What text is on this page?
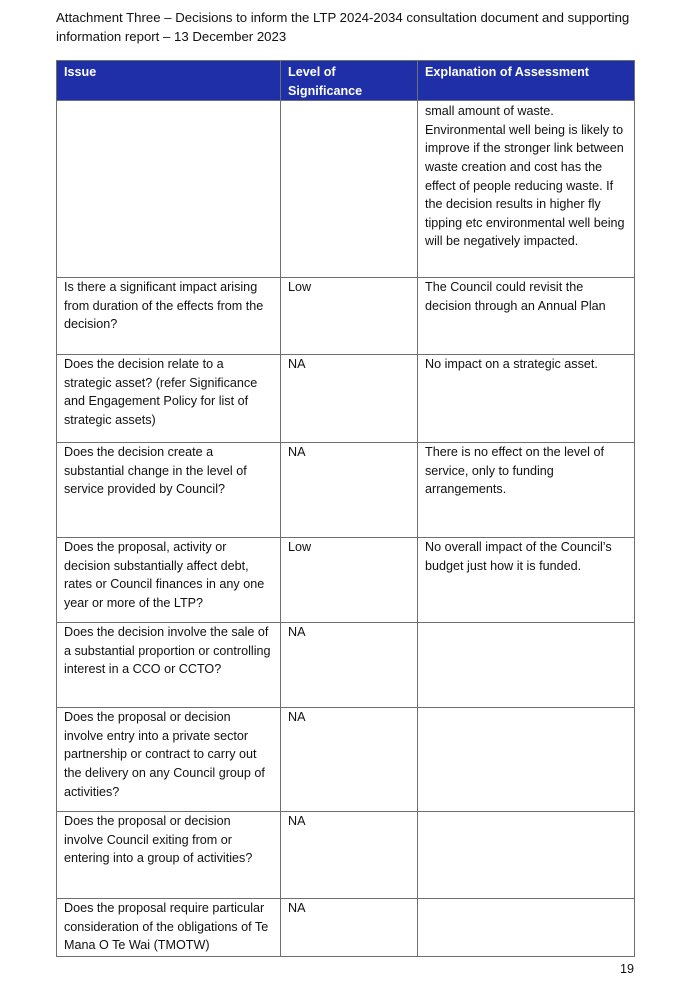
Attachment Three – Decisions to inform the LTP 2024-2034 consultation document and supporting
information report – 13 December 2023
Issue	Level of Significance	Explanation of Assessment

		small amount of waste. Environmental well being is likely to improve if the stronger link between waste creation and cost has the effect of people reducing waste. If the decision results in higher fly tipping etc environmental well being will be negatively impacted.

Is there a significant impact arising from duration of the effects from the decision?	Low	The Council could revisit the decision through an Annual Plan

Does the decision relate to a strategic asset? (refer Significance and Engagement Policy for list of strategic assets)	NA	No impact on a strategic asset.

Does the decision create a substantial change in the level of service provided by Council?	NA	There is no effect on the level of service, only to funding arrangements.

Does the proposal, activity or decision substantially affect debt, rates or Council finances in any one year or more of the LTP?	Low	No overall impact of the Council’s budget just how it is funded.

Does the decision involve the sale of a substantial proportion or controlling interest in a CCO or CCTO?	NA	

Does the proposal or decision involve entry into a private sector partnership or contract to carry out the delivery on any Council group of activities?	NA	

Does the proposal or decision involve Council exiting from or entering into a group of activities?	NA	

Does the proposal require particular consideration of the obligations of Te Mana O Te Wai (TMOTW)	NA	

19
